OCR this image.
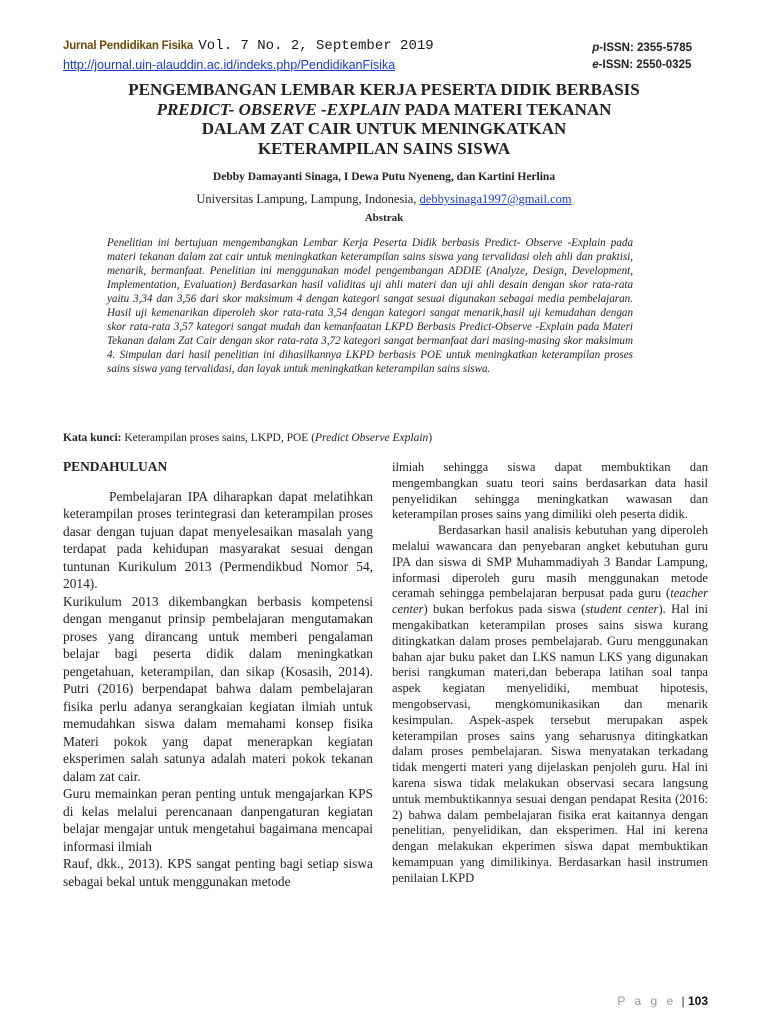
Jurnal Pendidikan Fisika Vol. 7 No. 2, September 2019
http://journal.uin-alauddin.ac.id/indeks.php/PendidikanFisika
p-ISSN: 2355-5785
e-ISSN: 2550-0325
PENGEMBANGAN LEMBAR KERJA PESERTA DIDIK BERBASIS
PREDICT- OBSERVE -EXPLAIN PADA MATERI TEKANAN
DALAM ZAT CAIR UNTUK MENINGKATKAN
KETERAMPILAN SAINS SISWA
Debby Damayanti Sinaga, I Dewa Putu Nyeneng, dan Kartini Herlina
Universitas Lampung, Lampung, Indonesia, debbysinaga1997@gmail.com
Abstrak
Penelitian ini bertujuan mengembangkan Lembar Kerja Peserta Didik berbasis Predict- Observe -Explain pada materi tekanan dalam zat cair untuk meningkatkan keterampilan sains siswa yang tervalidasi oleh ahli dan praktisi, menarik, bermanfaat. Penelitian ini menggunakan model pengembangan ADDIE (Analyze, Design, Development, Implementation, Evaluation) Berdasarkan hasil validitas uji ahli materi dan uji ahli desain dengan skor rata-rata yaitu 3,34 dan 3,56 dari skor maksimum 4 dengan kategori sangat sesuai digunakan sebagai media pembelajaran. Hasil uji kemenarikan diperoleh skor rata-rata 3,54 dengan kategori sangat menarik,hasil uji kemudahan dengan skor rata-rata 3,57 kategori sangat mudah dan kemanfaatan LKPD Berbasis Predict-Observe -Explain pada Materi Tekanan dalam Zat Cair dengan skor rata-rata 3,72 kategori sangat bermanfaat dari masing-masing skor maksimum 4. Simpulan dari hasil penelitian ini dihasilkannya LKPD berbasis POE untuk meningkatkan keterampilan proses sains siswa yang tervalidasi, dan layak untuk meningkatkan keterampilan sains siswa.
Kata kunci: Keterampilan proses sains, LKPD, POE (Predict Observe Explain)

PENDAHULUAN

Pembelajaran IPA diharapkan dapat melatihkan keterampilan proses terintegrasi dan keterampilan proses dasar dengan tujuan dapat menyelesaikan masalah yang terdapat pada kehidupan masyarakat sesuai dengan tuntunan Kurikulum 2013 (Permendikbud Nomor 54, 2014).

Kurikulum 2013 dikembangkan berbasis kompetensi dengan menganut prinsip pembelajaran mengutamakan proses yang dirancang untuk memberi pengalaman belajar bagi peserta didik dalam meningkatkan pengetahuan, keterampilan, dan sikap (Kosasih, 2014). Putri (2016) berpendapat bahwa dalam pembelajaran fisika perlu adanya serangkaian kegiatan ilmiah untuk memudahkan siswa dalam memahami konsep fisika Materi pokok yang dapat menerapkan kegiatan eksperimen salah satunya adalah materi pokok tekanan dalam zat cair.

Guru memainkan peran penting untuk mengajarkan KPS di kelas melalui perencanaan danpengaturan kegiatan belajar mengajar untuk mengetahui bagaimana mencapai informasi ilmiah

Rauf, dkk., 2013). KPS sangat penting bagi setiap siswa sebagai bekal untuk menggunakan metode

ilmiah sehingga siswa dapat membuktikan dan mengembangkan suatu teori sains berdasarkan data hasil penyelidikan sehingga meningkatkan wawasan dan keterampilan proses sains yang dimiliki oleh peserta didik.

Berdasarkan hasil analisis kebutuhan yang diperoleh melalui wawancara dan penyebaran angket kebutuhan guru IPA dan siswa di SMP Muhammadiyah 3 Bandar Lampung, informasi diperoleh guru masih menggunakan metode ceramah sehingga pembelajaran berpusat pada guru (teacher center) bukan berfokus pada siswa (student center). Hal ini mengakibatkan keterampilan proses sains siswa kurang ditingkatkan dalam proses pembelajarab. Guru menggunakan bahan ajar buku paket dan LKS namun LKS yang digunakan berisi rangkuman materi,dan beberapa latihan soal tanpa aspek kegiatan menyelidiki, membuat hipotesis, mengobservasi, mengkomunikasikan dan menarik kesimpulan. Aspek-aspek tersebut merupakan aspek keterampilan proses sains yang seharusnya ditingkatkan dalam proses pembelajaran. Siswa menyatakan terkadang tidak mengerti materi yang dijelaskan penjoleh guru. Hal ini karena siswa tidak melakukan observasi secara langsung untuk membuktikannya sesuai dengan pendapat Resita (2016: 2) bahwa dalam pembelajaran fisika erat kaitannya dengan penelitian, penyelidikan, dan eksperimen. Hal ini kerena dengan melakukan ekperimen siswa dapat membuktikan kemampuan yang dimilikinya. Berdasarkan hasil instrumen penilaian LKPD

P a g e | 103
